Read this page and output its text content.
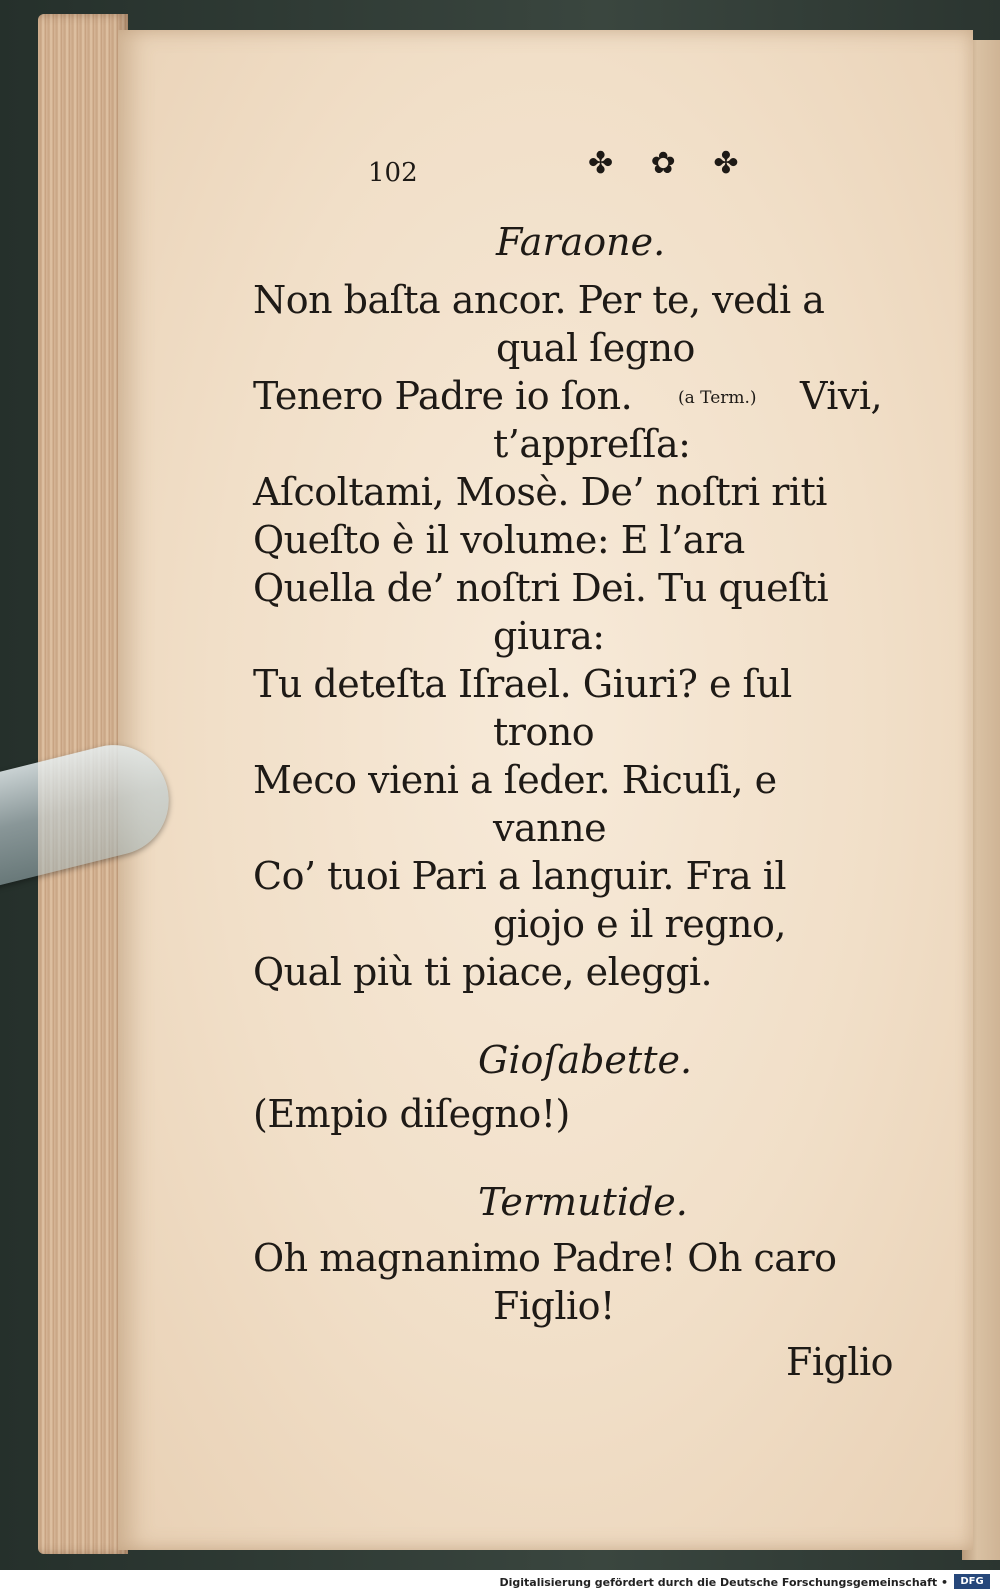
102	✤ ✿ ✤
Faraone.
Non baſta ancor. Per te, vedi a
qual ſegno
Tenero Padre io ſon.	(a Term.) Vivi,
t’appreſſa:
Aſcoltami, Mosè. De’ noſtri riti
Queſto è il volume: E l’ara
Quella de’ noſtri Dei. Tu queſti
giura:
Tu deteſta Iſrael. Giuri? e ſul
trono
Meco vieni a ſeder. Ricuſi, e
vanne
Co’ tuoi Pari a languir. Fra il
giojo e il regno,
Qual più ti piace, eleggi.
Gioſabette.
(Empio diſegno!)
Termutide.
Oh magnanimo Padre! Oh caro
Figlio!
Figlio
Digitalisierung gefördert durch die Deutsche Forschungsgemeinschaft •	DFG
